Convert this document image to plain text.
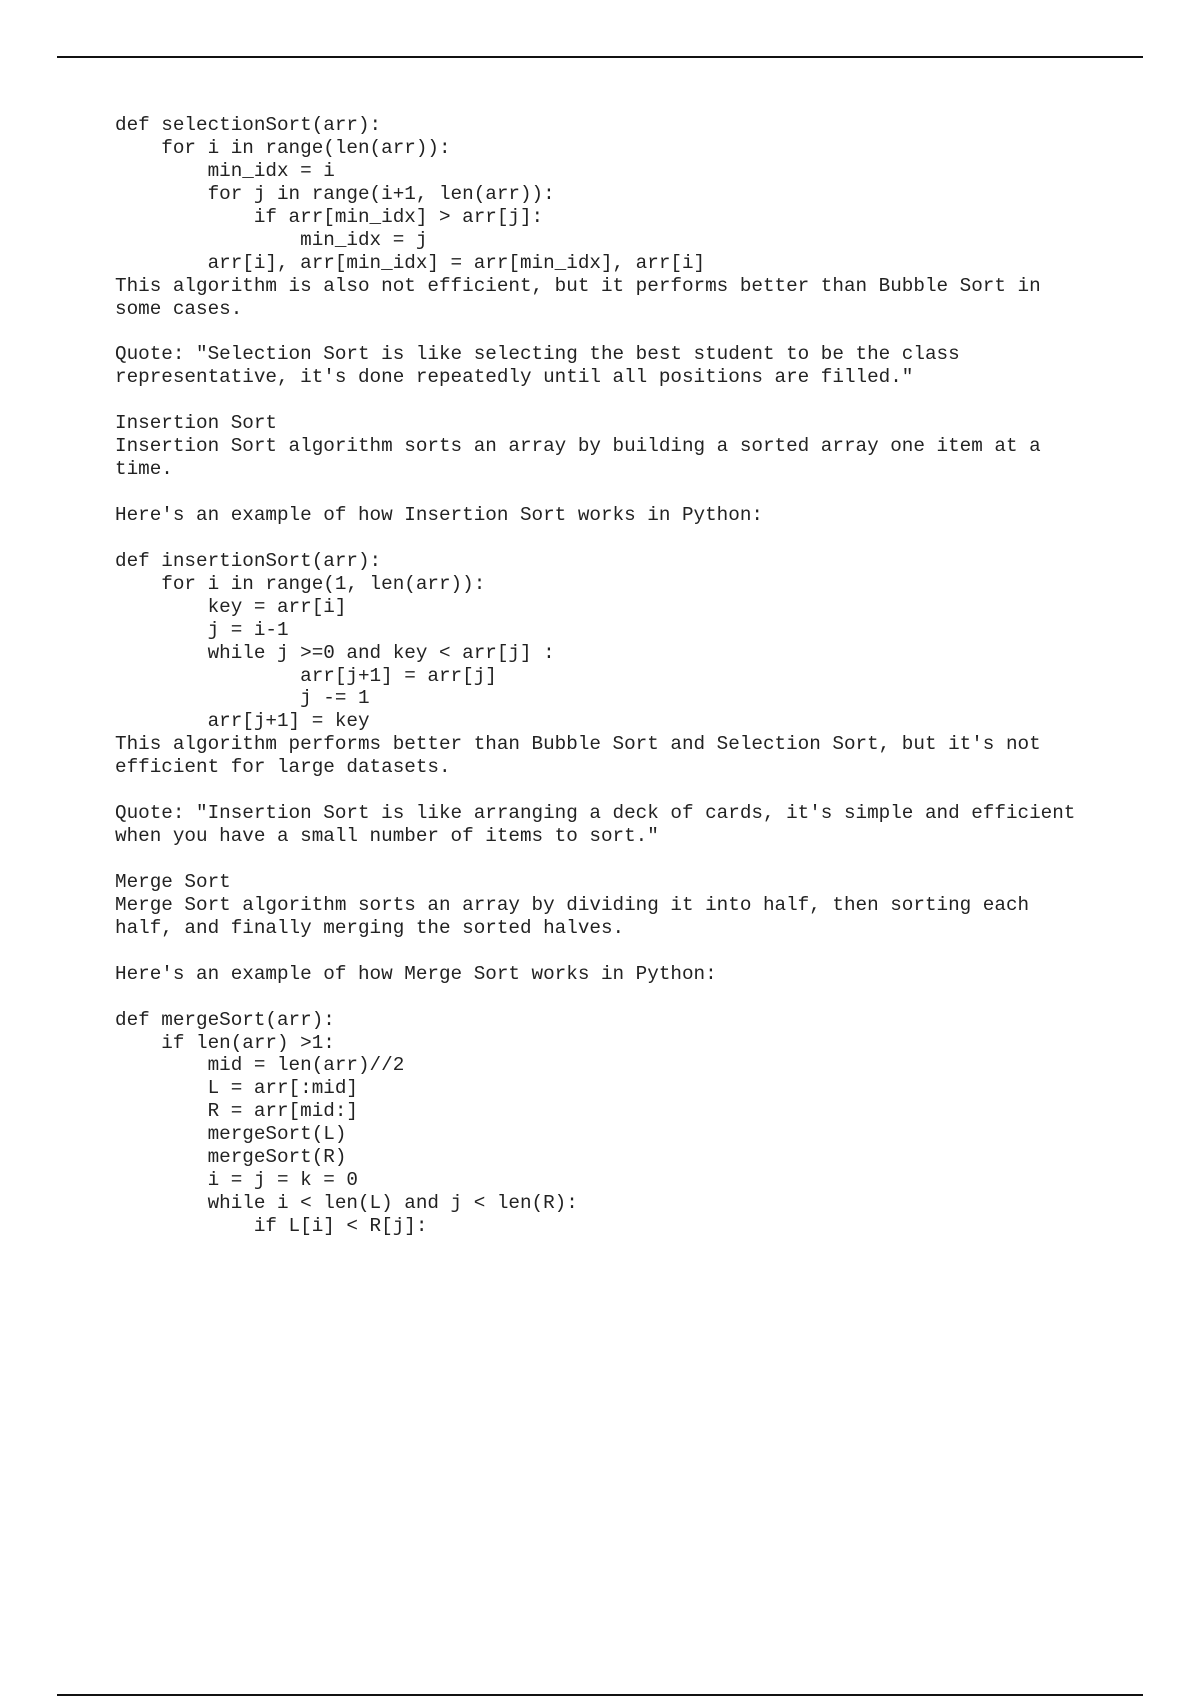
def selectionSort(arr):
for i in range(len(arr)):
min_idx = i
for j in range(i+1, len(arr)):
if arr[min_idx] > arr[j]:
min_idx = j
arr[i], arr[min_idx] = arr[min_idx], arr[i]
This algorithm is also not efficient, but it performs better than Bubble Sort in
some cases.
Quote: "Selection Sort is like selecting the best student to be the class
representative, it's done repeatedly until all positions are filled."
Insertion Sort
Insertion Sort algorithm sorts an array by building a sorted array one item at a
time.
Here's an example of how Insertion Sort works in Python:
def insertionSort(arr):
for i in range(1, len(arr)):
key = arr[i]
j = i-1
while j >=0 and key < arr[j] :
arr[j+1] = arr[j]
j -= 1
arr[j+1] = key
This algorithm performs better than Bubble Sort and Selection Sort, but it's not
efficient for large datasets.
Quote: "Insertion Sort is like arranging a deck of cards, it's simple and efficient
when you have a small number of items to sort."
Merge Sort
Merge Sort algorithm sorts an array by dividing it into half, then sorting each
half, and finally merging the sorted halves.
Here's an example of how Merge Sort works in Python:
def mergeSort(arr):
if len(arr) >1:
mid = len(arr)//2
L = arr[:mid]
R = arr[mid:]
mergeSort(L)
mergeSort(R)
i = j = k = 0
while i < len(L) and j < len(R):
if L[i] < R[j]:
